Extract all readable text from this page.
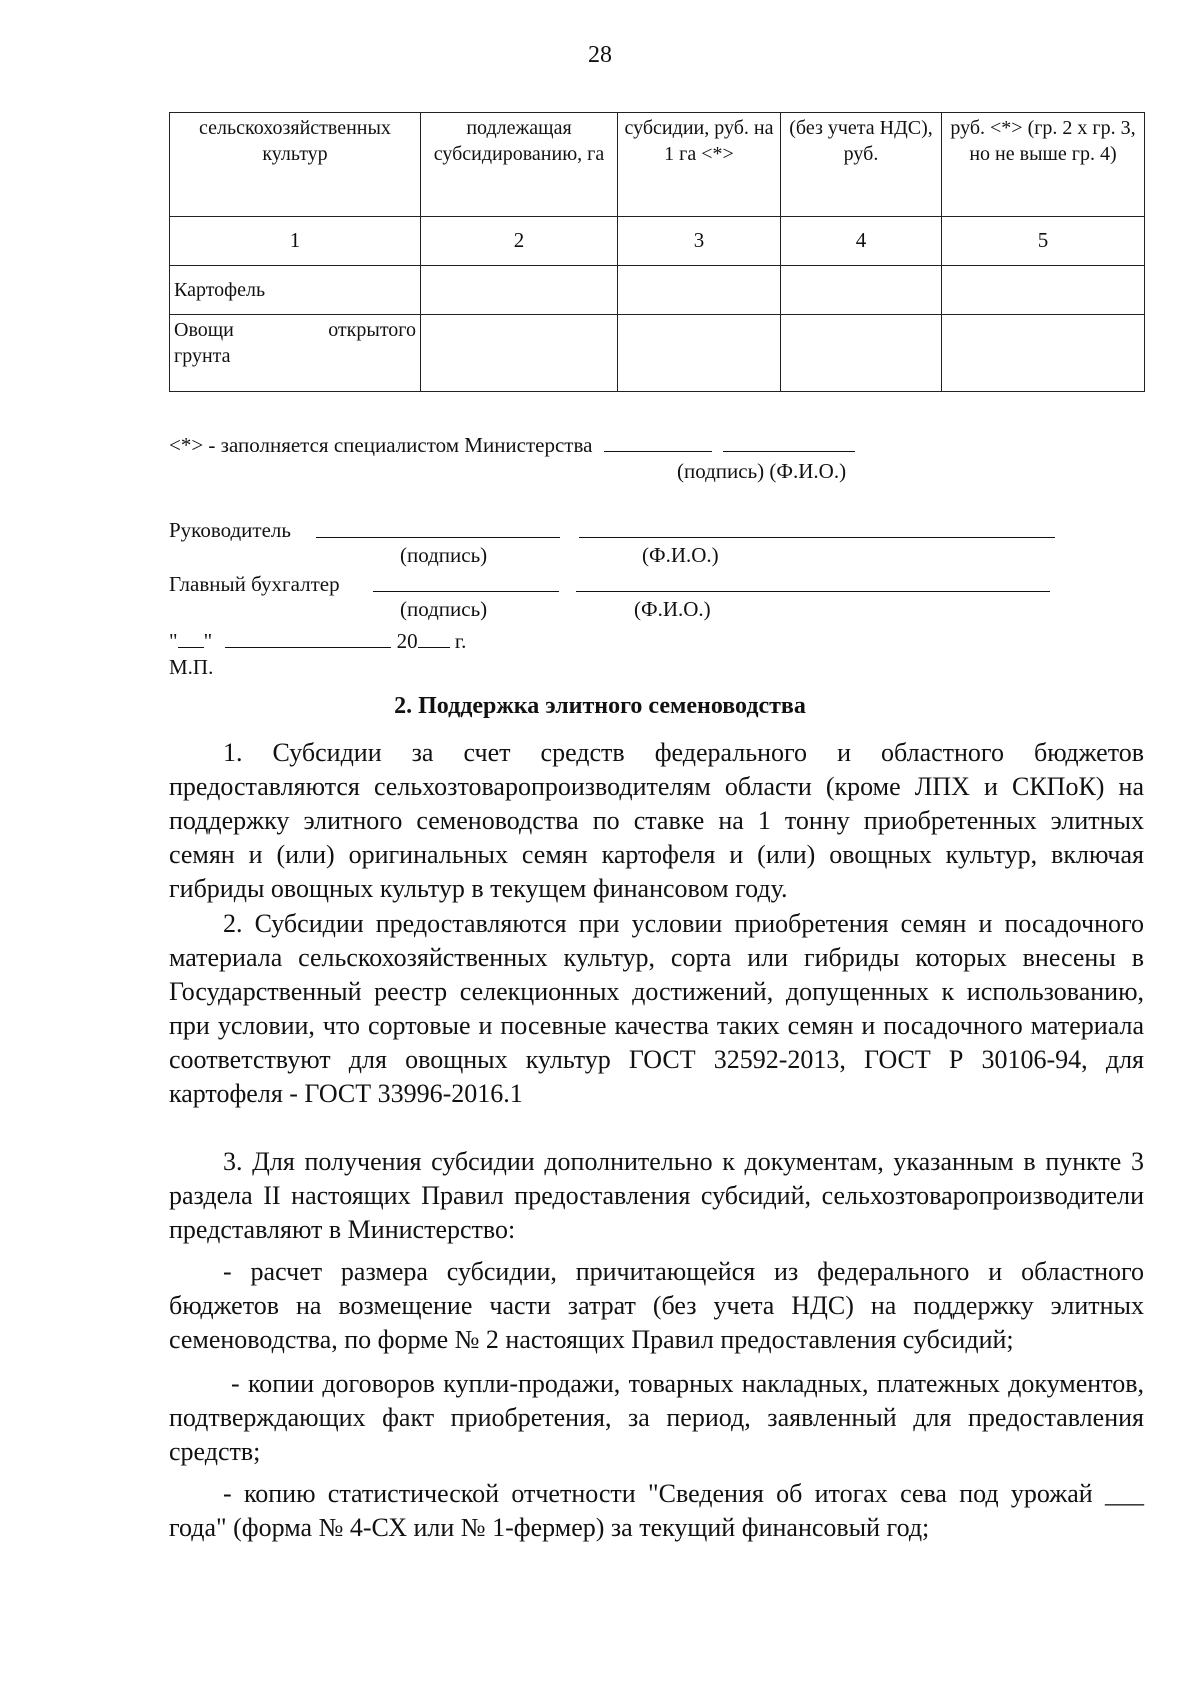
28
сельскохозяйственных культур	подлежащая субсидированию, га	субсидии, руб. на 1 га <*>	(без учета НДС), руб.	руб. <*> (гр. 2 х гр. 3, но не выше гр. 4)
1	2	3	4	5
Картофель				

Овощи открытого
грунта				

<*> - заполняется специалистом Министерства
(подпись) (Ф.И.О.)
Руководитель
(подпись)	(Ф.И.О.)
Главный бухгалтер
(подпись)	(Ф.И.О.)
" "	20 г.
М.П.
2. Поддержка элитного семеноводства

1. Субсидии за счет средств федерального и областного бюджетов предоставляются сельхозтоваропроизводителям области (кроме ЛПХ и СКПоК) на поддержку элитного семеноводства по ставке на 1 тонну приобретенных элитных семян и (или) оригинальных семян картофеля и (или) овощных культур, включая гибриды овощных культур в текущем финансовом году.

2. Субсидии предоставляются при условии приобретения семян и посадочного материала сельскохозяйственных культур, сорта или гибриды которых внесены в Государственный реестр селекционных достижений, допущенных к использованию, при условии, что сортовые и посевные качества таких семян и посадочного материала соответствуют для овощных культур ГОСТ 32592-2013, ГОСТ Р 30106-94, для картофеля - ГОСТ 33996-2016.1

3. Для получения субсидии дополнительно к документам, указанным в пункте 3 раздела II настоящих Правил предоставления субсидий, сельхозтоваропроизводители представляют в Министерство:

- расчет размера субсидии, причитающейся из федерального и областного бюджетов на возмещение части затрат (без учета НДС) на поддержку элитных семеноводства, по форме № 2 настоящих Правил предоставления субсидий;

- копии договоров купли-продажи, товарных накладных, платежных документов, подтверждающих факт приобретения, за период, заявленный для предоставления средств;

- копию статистической отчетности "Сведения об итогах сева под урожай ___ года" (форма № 4-СХ или № 1-фермер) за текущий финансовый год;
